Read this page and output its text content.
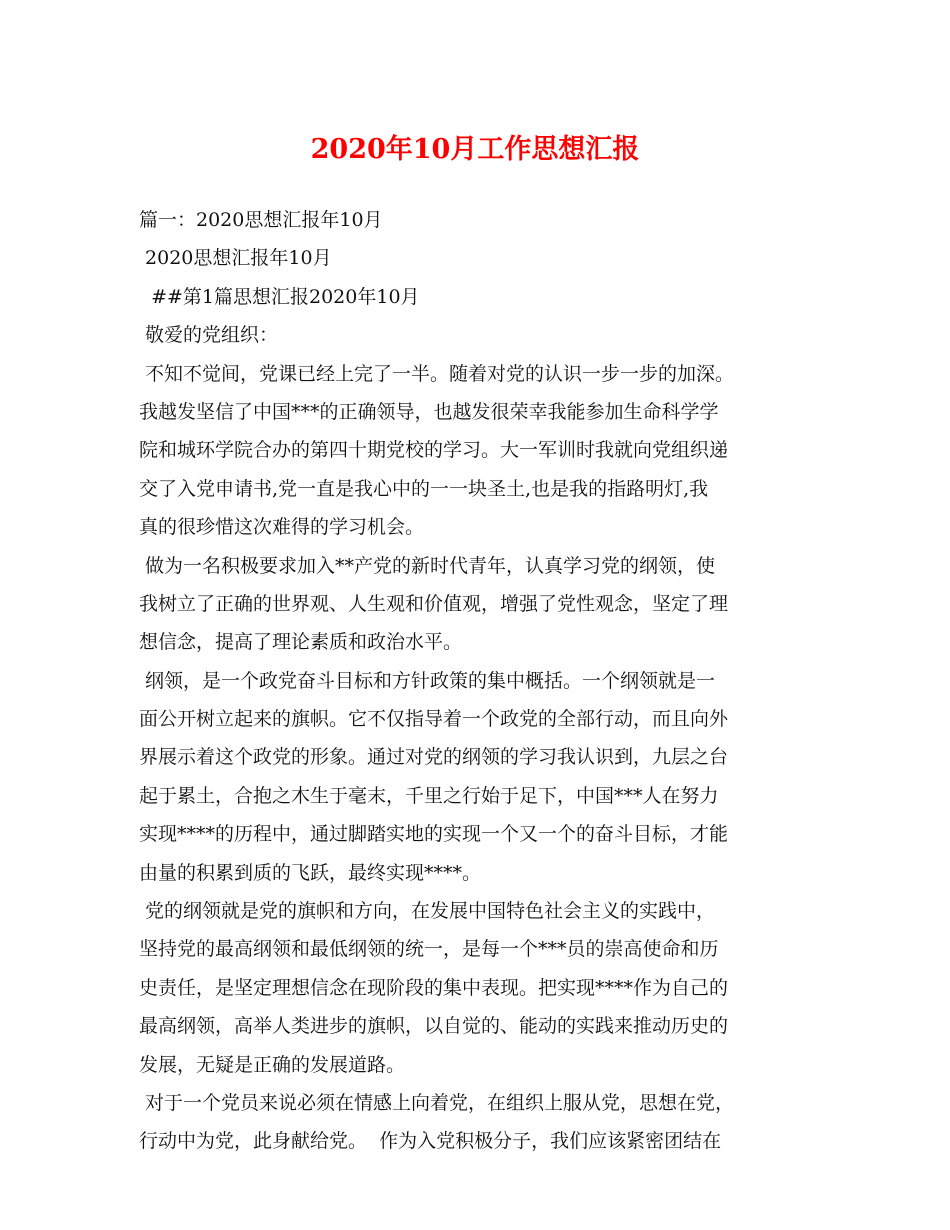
2020年10月工作思想汇报
篇一：2020思想汇报年10月
2020思想汇报年10月
##第1篇思想汇报2020年10月
敬爱的党组织：
不知不觉间，党课已经上完了一半。随着对党的认识一步一步的加深。
我越发坚信了中国***的正确领导，也越发很荣幸我能参加生命科学学
院和城环学院合办的第四十期党校的学习。大一军训时我就向党组织递
交了入党申请书,党一直是我心中的一一块圣土,也是我的指路明灯,我
真的很珍惜这次难得的学习机会。
做为一名积极要求加入**产党的新时代青年，认真学习党的纲领，使
我树立了正确的世界观、人生观和价值观，增强了党性观念，坚定了理
想信念，提高了理论素质和政治水平。
纲领，是一个政党奋斗目标和方针政策的集中概括。一个纲领就是一
面公开树立起来的旗帜。它不仅指导着一个政党的全部行动，而且向外
界展示着这个政党的形象。通过对党的纲领的学习我认识到，九层之台
起于累土，合抱之木生于毫末，千里之行始于足下，中国***人在努力
实现****的历程中，通过脚踏实地的实现一个又一个的奋斗目标，才能
由量的积累到质的飞跃，最终实现****。
党的纲领就是党的旗帜和方向，在发展中国特色社会主义的实践中，
坚持党的最高纲领和最低纲领的统一，是每一个***员的崇高使命和历
史责任，是坚定理想信念在现阶段的集中表现。把实现****作为自己的
最高纲领，高举人类进步的旗帜，以自觉的、能动的实践来推动历史的
发展，无疑是正确的发展道路。
对于一个党员来说必须在情感上向着党，在组织上服从党，思想在党，
行动中为党，此身献给党。  作为入党积极分子，我们应该紧密团结在
